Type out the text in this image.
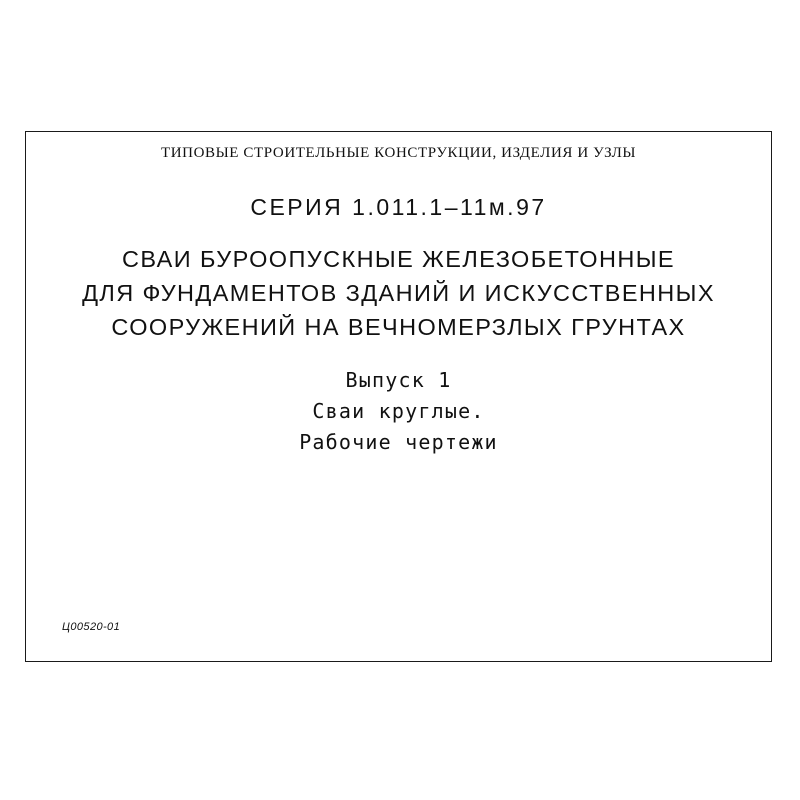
ТИПОВЫЕ СТРОИТЕЛЬНЫЕ КОНСТРУКЦИИ, ИЗДЕЛИЯ И УЗЛЫ
СЕРИЯ 1.011.1–11м.97
СВАИ БУРООПУСКНЫЕ ЖЕЛЕЗОБЕТОННЫЕ
ДЛЯ ФУНДАМЕНТОВ ЗДАНИЙ И ИСКУССТВЕННЫХ
СООРУЖЕНИЙ НА ВЕЧНОМЕРЗЛЫХ ГРУНТАХ
Выпуск 1
Сваи круглые.
Рабочие чертежи
Ц00520-01
